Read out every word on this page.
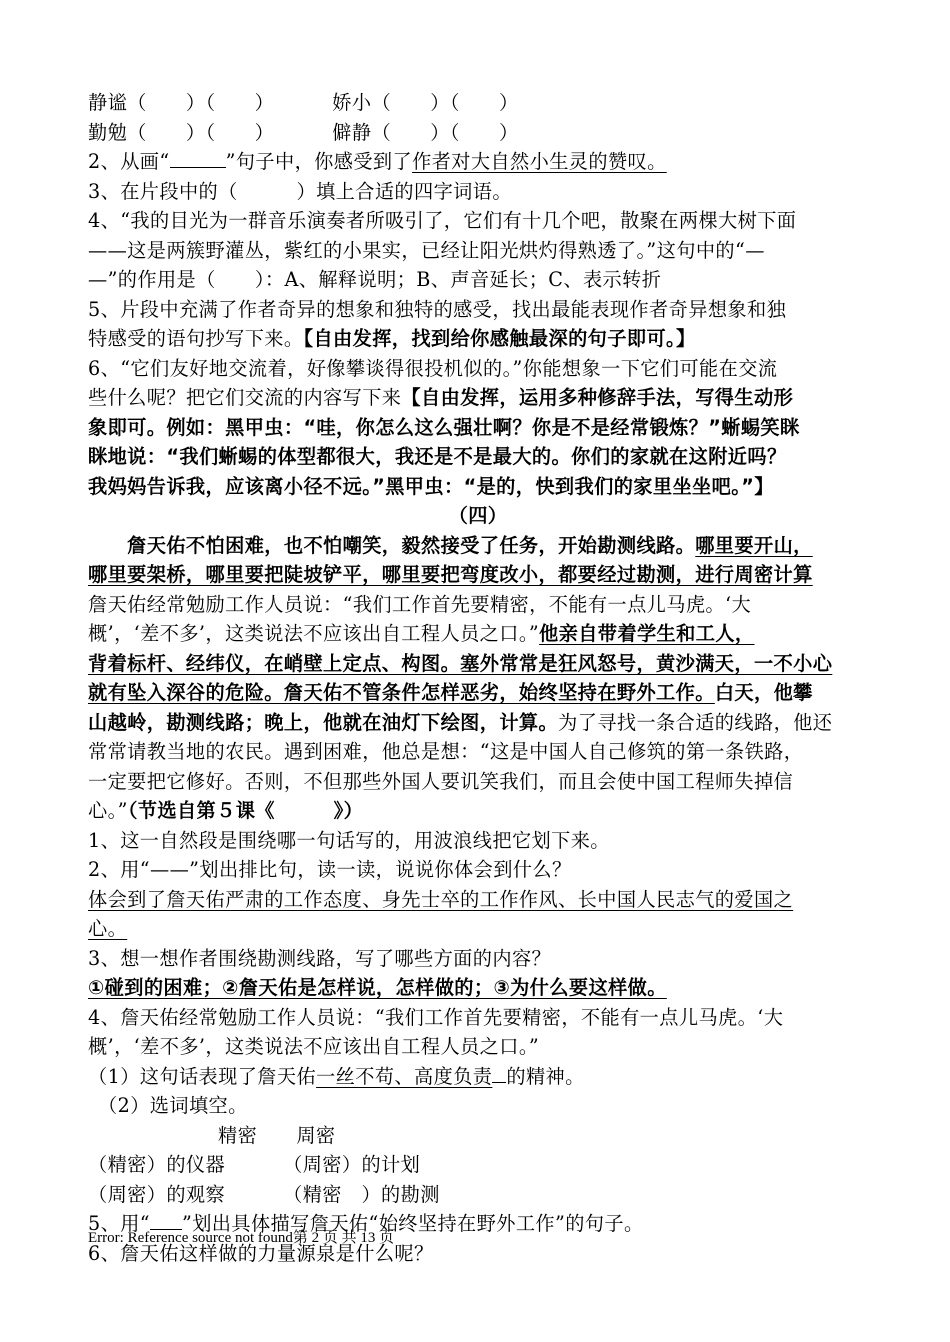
静谧（　　）（　　）	娇小（　　）（　　）
勤勉（　　）（　　）	僻静（　　）（　　）
2、从画“	”句子中，你感受到了作者对大自然小生灵的赞叹。
3、在片段中的（　　　）填上合适的四字词语。
4、“我的目光为一群音乐演奏者所吸引了，它们有十几个吧，散聚在两棵大树下面
——这是两簇野灌丛，紫红的小果实，已经让阳光烘灼得熟透了。”这句中的“—
—”的作用是（　　）：A、解释说明；B、声音延长；C、表示转折
5、片段中充满了作者奇异的想象和独特的感受，找出最能表现作者奇异想象和独
特感受的语句抄写下来。【自由发挥，找到给你感触最深的句子即可。】
6、“它们友好地交流着，好像攀谈得很投机似的。”你能想象一下它们可能在交流
些什么呢？把它们交流的内容写下来【自由发挥，运用多种修辞手法，写得生动形
象即可。例如：黑甲虫：“哇，你怎么这么强壮啊？你是不是经常锻炼？”蜥蜴笑眯
眯地说：“我们蜥蜴的体型都很大，我还是不是最大的。你们的家就在这附近吗？
我妈妈告诉我，应该离小径不远。”黑甲虫：“是的，快到我们的家里坐坐吧。”】
（四）
　　詹天佑不怕困难，也不怕嘲笑，毅然接受了任务，开始勘测线路。哪里要开山，
哪里要架桥，哪里要把陡坡铲平，哪里要把弯度改小，都要经过勘测，进行周密计算
詹天佑经常勉励工作人员说：“我们工作首先要精密，不能有一点儿马虎。‘大
概’，‘差不多’，这类说法不应该出自工程人员之口。”他亲自带着学生和工人，
背着标杆、经纬仪，在峭壁上定点、构图。塞外常常是狂风怒号，黄沙满天，一不小心
就有坠入深谷的危险。詹天佑不管条件怎样恶劣，始终坚持在野外工作。白天，他攀
山越岭，勘测线路；晚上，他就在油灯下绘图，计算。为了寻找一条合适的线路，他还
常常请教当地的农民。遇到困难，他总是想：“这是中国人自己修筑的第一条铁路，
一定要把它修好。否则，不但那些外国人要讥笑我们，而且会使中国工程师失掉信
心。”（节选自第５课《　　　》）
1、这一自然段是围绕哪一句话写的，用波浪线把它划下来。
2、用“——”划出排比句，读一读，说说你体会到什么？
体会到了詹天佑严肃的工作态度、身先士卒的工作作风、长中国人民志气的爱国之
心。
3、想一想作者围绕勘测线路，写了哪些方面的内容？
①碰到的困难；②詹天佑是怎样说，怎样做的；③为什么要这样做。
4、詹天佑经常勉励工作人员说：“我们工作首先要精密，不能有一点儿马虎。‘大
概’，‘差不多’，这类说法不应该出自工程人员之口。”
（1）这句话表现了詹天佑一丝不苟、高度负责 的精神。
（2）选词填空。
精密　　周密
（精密）的仪器	（周密）的计划
（周密）的观察	（精密　）的勘测
5、用“ ”划出具体描写詹天佑“始终坚持在野外工作”的句子。
6、詹天佑这样做的力量源泉是什么呢？
Error: Reference source not found第 2 页 共 13 页
